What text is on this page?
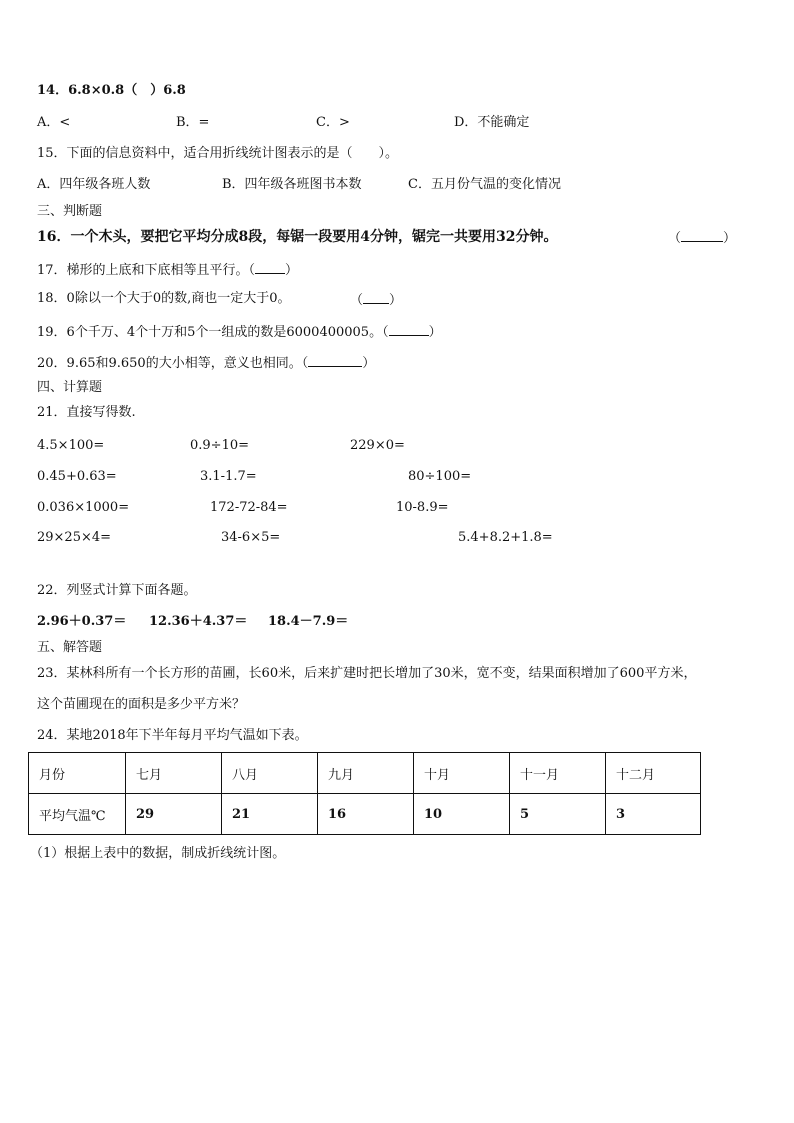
14．6.8×0.8（　）6.8
A．<	B．=	C．>	D．不能确定
15．下面的信息资料中，适合用折线统计图表示的是（　　）。
A．四年级各班人数	B．四年级各班图书本数	C．五月份气温的变化情况
三、判断题
16．一个木头，要把它平均分成8段，每锯一段要用4分钟，锯完一共要用32分钟。	（	）
17．梯形的上底和下底相等且平行。（ ）
18．0除以一个大于0的数,商也一定大于0。	（ ）
19．6个千万、4个十万和5个一组成的数是6000400005。（	）
20．9.65和9.650的大小相等，意义也相同。（	）
四、计算题
21．直接写得数.
4.5×100=	0.9÷10=	229×0=
0.45+0.63=	3.1-1.7=	80÷100=
0.036×1000=	172-72-84=	10-8.9=
29×25×4=	34-6×5=	5.4+8.2+1.8=
22．列竖式计算下面各题。
2.96＋0.37＝ 12.36＋4.37＝ 18.4－7.9＝
五、解答题
23．某林科所有一个长方形的苗圃，长60米，后来扩建时把长增加了30米，宽不变，结果面积增加了600平方米，
这个苗圃现在的面积是多少平方米？
24．某地2018年下半年每月平均气温如下表。
月份	七月	八月	九月	十月	十一月	十二月
平均气温℃	29	21	16	10	5	3
（1）根据上表中的数据，制成折线统计图。
